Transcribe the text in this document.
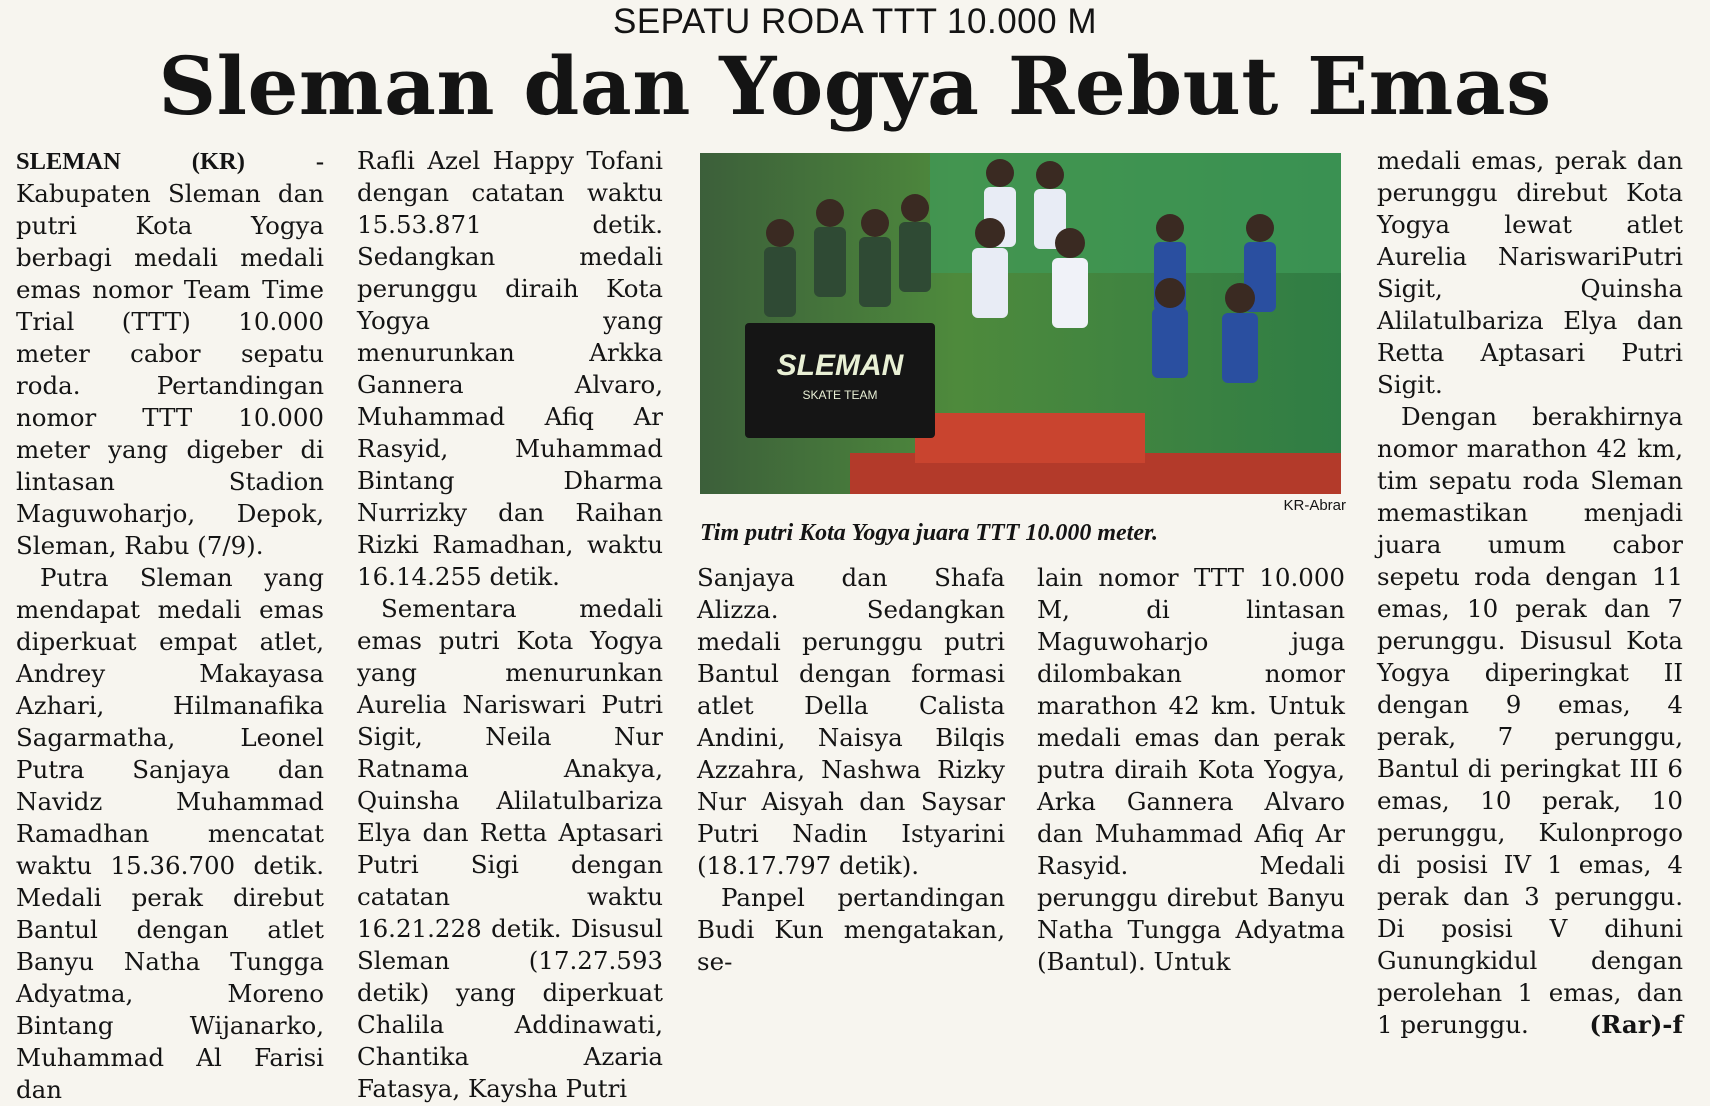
SEPATU RODA TTT 10.000 M
Sleman dan Yogya Rebut Emas

SLEMAN (KR) - Kabupaten Sleman dan putri Kota Yogya berbagi medali medali emas nomor Team Time Trial (TTT) 10.000 meter cabor sepatu roda. Pertandingan nomor TTT 10.000 meter yang digeber di lintasan Stadion Maguwoharjo, Depok, Sleman, Rabu (7/9).

Putra Sleman yang mendapat medali emas diperkuat empat atlet, Andrey Makayasa Azhari, Hilmanafika Sagarmatha, Leonel Putra Sanjaya dan Navidz Muhammad Ramadhan mencatat waktu 15.36.700 detik. Medali perak direbut Bantul dengan atlet Banyu Natha Tungga Adyatma, Moreno Bintang Wijanarko, Muhammad Al Farisi dan

Rafli Azel Happy Tofani dengan catatan waktu 15.53.871 detik. Sedangkan medali perunggu diraih Kota Yogya yang menurunkan Arkka Gannera Alvaro, Muhammad Afiq Ar Rasyid, Muhammad Bintang Dharma Nurrizky dan Raihan Rizki Ramadhan, waktu 16.14.255 detik.

Sementara medali emas putri Kota Yogya yang menurunkan Aurelia Nariswari Putri Sigit, Neila Nur Ratnama Anakya, Quinsha Alilatulbariza Elya dan Retta Aptasari Putri Sigi dengan catatan waktu 16.21.228 detik. Disusul Sleman (17.27.593 detik) yang diperkuat Chalila Addinawati, Chantika Azaria Fatasya, Kaysha Putri

SLEMAN
SKATE TEAM
KR-Abrar
Tim putri Kota Yogya juara TTT 10.000 meter.

Sanjaya dan Shafa Alizza. Sedangkan medali perunggu putri Bantul dengan formasi atlet Della Calista Andini, Naisya Bilqis Azzahra, Nashwa Rizky Nur Aisyah dan Saysar Putri Nadin Istyarini (18.17.797 detik).

Panpel pertandingan Budi Kun mengatakan, se-

lain nomor TTT 10.000 M, di lintasan Maguwoharjo juga dilombakan nomor marathon 42 km. Untuk medali emas dan perak putra diraih Kota Yogya, Arka Gannera Alvaro dan Muhammad Afiq Ar Rasyid. Medali perunggu direbut Banyu Natha Tungga Adyatma (Bantul). Untuk

medali emas, perak dan perunggu direbut Kota Yogya lewat atlet Aurelia NariswariPutri Sigit, Quinsha Alilatulbariza Elya dan Retta Aptasari Putri Sigit.

Dengan berakhirnya nomor marathon 42 km, tim sepatu roda Sleman memastikan menjadi juara umum cabor sepetu roda dengan 11 emas, 10 perak dan 7 perunggu. Disusul Kota Yogya diperingkat II dengan 9 emas, 4 perak, 7 perunggu, Bantul di peringkat III 6 emas, 10 perak, 10 perunggu, Kulonprogo di posisi IV 1 emas, 4 perak dan 3 perunggu. Di posisi V dihuni Gunungkidul dengan perolehan 1 emas, dan 1 perunggu.	(Rar)-f
